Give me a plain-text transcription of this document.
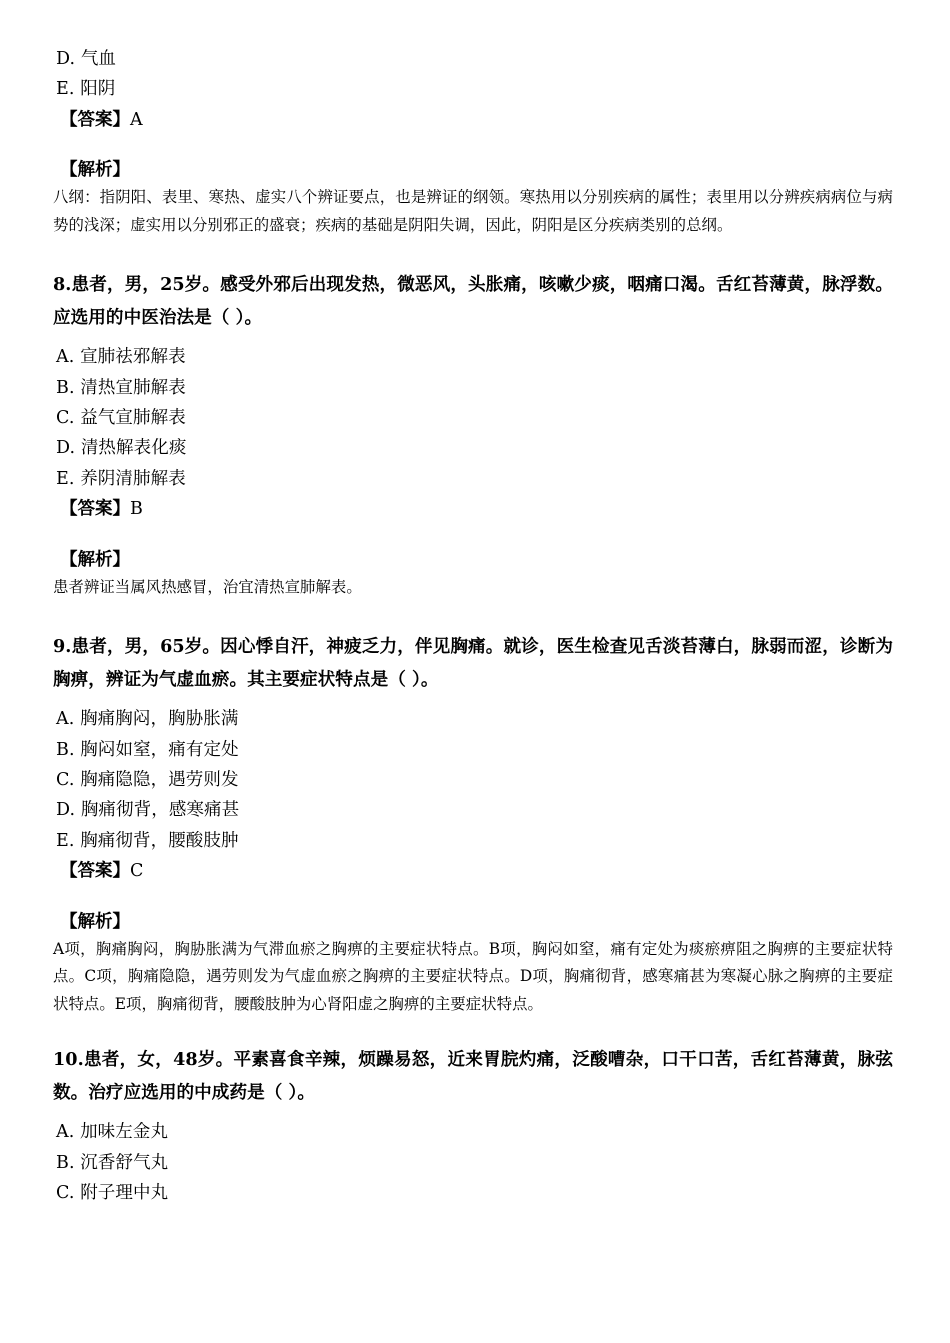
D. 气血

E. 阳阴

【答案】A

【解析】

八纲：指阴阳、表里、寒热、虚实八个辨证要点，也是辨证的纲领。寒热用以分别疾病的属性；表里用以分辨疾病病位与病势的浅深；虚实用以分别邪正的盛衰；疾病的基础是阴阳失调，因此，阴阳是区分疾病类别的总纲。

8.患者，男，25岁。感受外邪后出现发热，微恶风，头胀痛，咳嗽少痰，咽痛口渴。舌红苔薄黄，脉浮数。应选用的中医治法是（ ）。

A. 宣肺祛邪解表

B. 清热宣肺解表

C. 益气宣肺解表

D. 清热解表化痰

E. 养阴清肺解表

【答案】B

【解析】

患者辨证当属风热感冒，治宜清热宣肺解表。

9.患者，男，65岁。因心悸自汗，神疲乏力，伴见胸痛。就诊，医生检查见舌淡苔薄白，脉弱而涩，诊断为胸痹，辨证为气虚血瘀。其主要症状特点是（ ）。

A. 胸痛胸闷，胸胁胀满

B. 胸闷如窒，痛有定处

C. 胸痛隐隐，遇劳则发

D. 胸痛彻背，感寒痛甚

E. 胸痛彻背，腰酸肢肿

【答案】C

【解析】

A项，胸痛胸闷，胸胁胀满为气滞血瘀之胸痹的主要症状特点。B项，胸闷如窒，痛有定处为痰瘀痹阻之胸痹的主要症状特点。C项，胸痛隐隐，遇劳则发为气虚血瘀之胸痹的主要症状特点。D项，胸痛彻背，感寒痛甚为寒凝心脉之胸痹的主要症状特点。E项，胸痛彻背，腰酸肢肿为心肾阳虚之胸痹的主要症状特点。

10.患者，女，48岁。平素喜食辛辣，烦躁易怒，近来胃脘灼痛，泛酸嘈杂，口干口苦，舌红苔薄黄，脉弦数。治疗应选用的中成药是（ ）。

A. 加味左金丸

B. 沉香舒气丸

C. 附子理中丸
